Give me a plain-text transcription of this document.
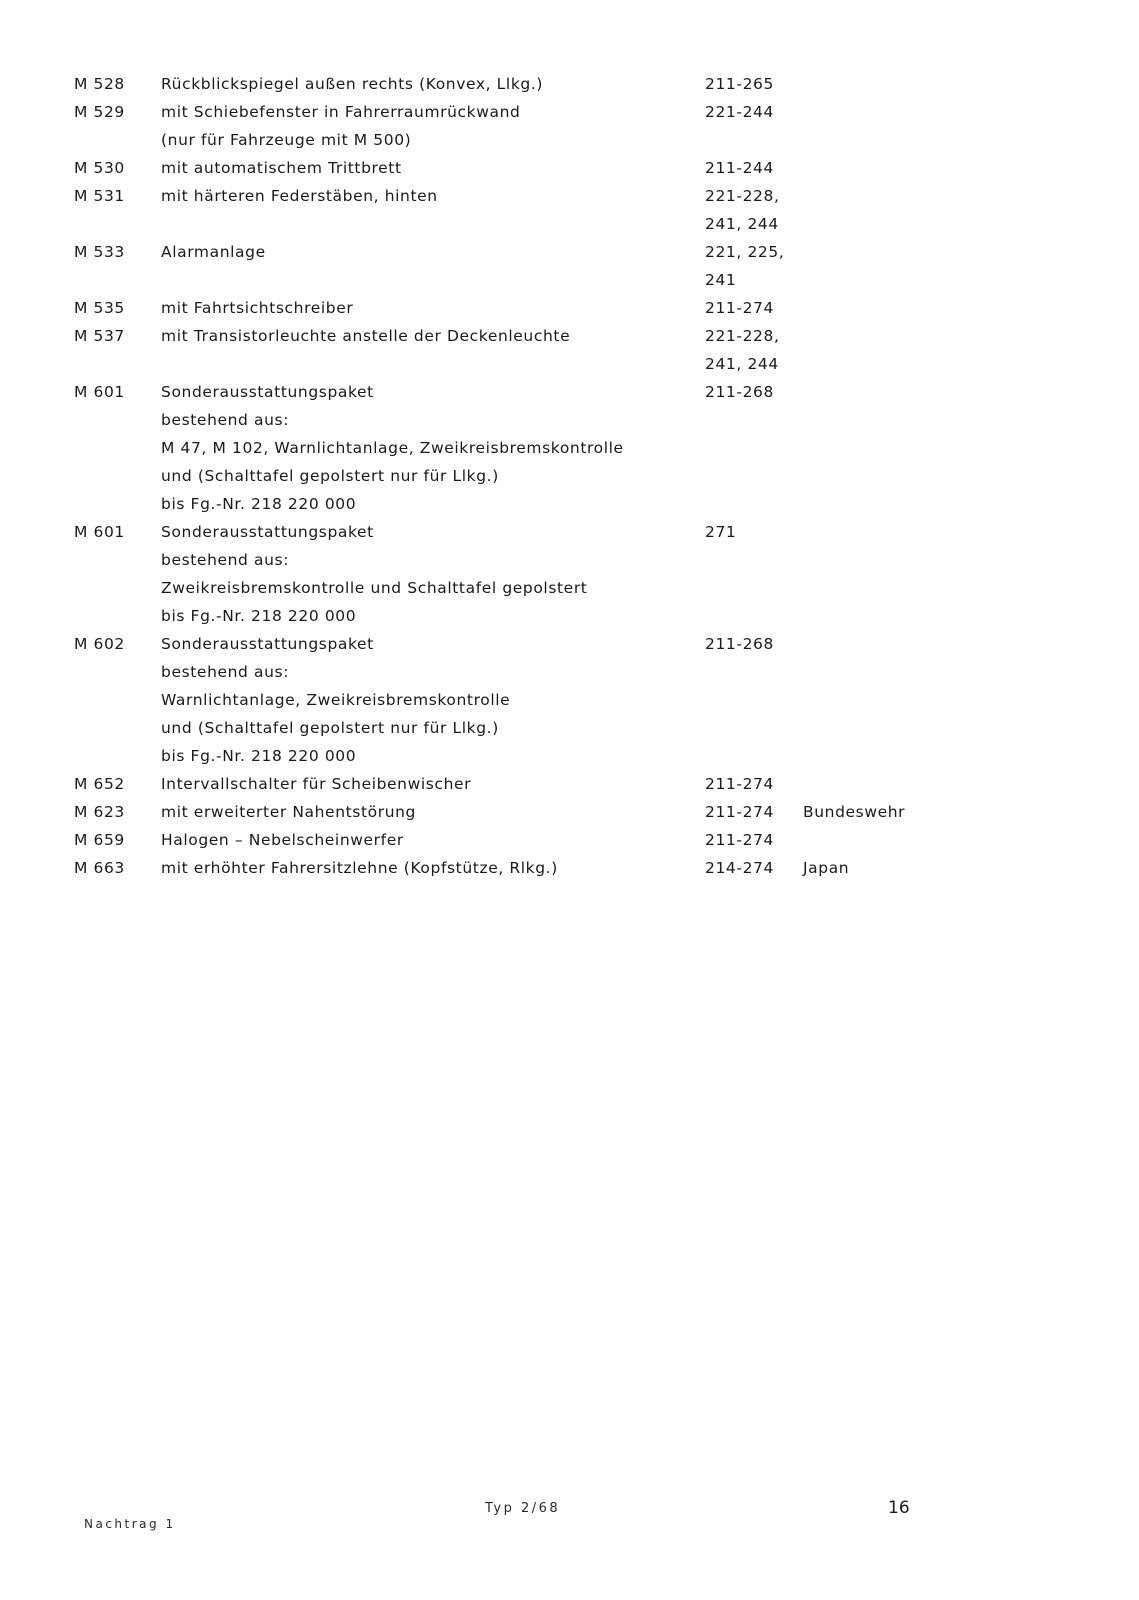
M 528	Rückblickspiegel außen rechts (Konvex, Llkg.)	211-265
M 529	mit Schiebefenster in Fahrerraumrückwand	221-244
(nur für Fahrzeuge mit M 500)
M 530	mit automatischem Trittbrett	211-244
M 531	mit härteren Federstäben, hinten	221-228,
241, 244
M 533	Alarmanlage	221, 225,
241
M 535	mit Fahrtsichtschreiber	211-274
M 537	mit Transistorleuchte anstelle der Deckenleuchte	221-228,
241, 244
M 601	Sonderausstattungspaket	211-268
bestehend aus:
M 47, M 102, Warnlichtanlage, Zweikreisbremskontrolle
und (Schalttafel gepolstert nur für Llkg.)
bis Fg.-Nr. 218 220 000
M 601	Sonderausstattungspaket	271
bestehend aus:
Zweikreisbremskontrolle und Schalttafel gepolstert
bis Fg.-Nr. 218 220 000
M 602	Sonderausstattungspaket	211-268
bestehend aus:
Warnlichtanlage, Zweikreisbremskontrolle
und (Schalttafel gepolstert nur für Llkg.)
bis Fg.-Nr. 218 220 000
M 652	Intervallschalter für Scheibenwischer	211-274
M 623	mit erweiterter Nahentstörung	211-274	Bundeswehr
M 659	Halogen – Nebelscheinwerfer	211-274
M 663	mit erhöhter Fahrersitzlehne (Kopfstütze, Rlkg.)	214-274	Japan
Nachtrag 1
Typ 2/68	16
